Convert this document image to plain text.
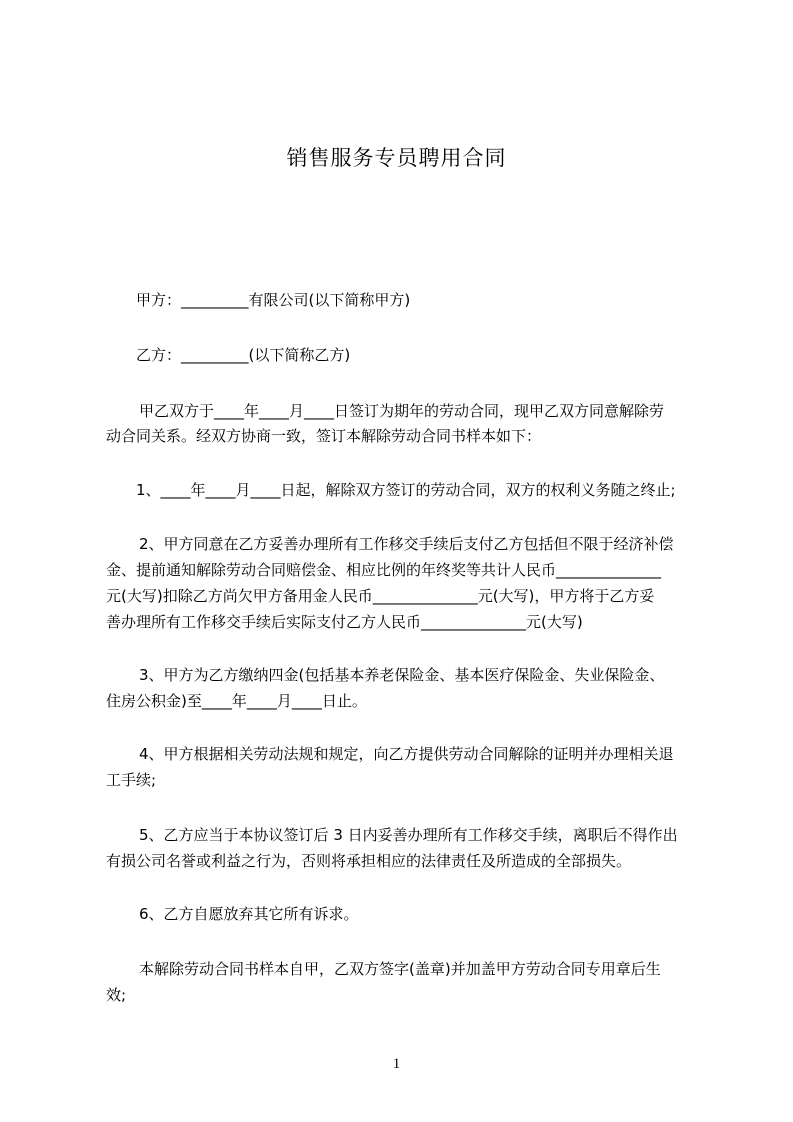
销售服务专员聘用合同
甲方：_________有限公司(以下简称甲方)
乙方：_________(以下简称乙方)
甲乙双方于____年____月____日签订为期年的劳动合同，现甲乙双方同意解除劳
动合同关系。经双方协商一致，签订本解除劳动合同书样本如下：
1、____年____月____日起，解除双方签订的劳动合同，双方的权利义务随之终止;
2、甲方同意在乙方妥善办理所有工作移交手续后支付乙方包括但不限于经济补偿
金、提前通知解除劳动合同赔偿金、相应比例的年终奖等共计人民币______________
元(大写)扣除乙方尚欠甲方备用金人民币______________元(大写)，甲方将于乙方妥
善办理所有工作移交手续后实际支付乙方人民币______________元(大写)
3、甲方为乙方缴纳四金(包括基本养老保险金、基本医疗保险金、失业保险金、
住房公积金)至____年____月____日止。
4、甲方根据相关劳动法规和规定，向乙方提供劳动合同解除的证明并办理相关退
工手续;
5、乙方应当于本协议签订后 3 日内妥善办理所有工作移交手续，离职后不得作出
有损公司名誉或利益之行为，否则将承担相应的法律责任及所造成的全部损失。
6、乙方自愿放弃其它所有诉求。
本解除劳动合同书样本自甲，乙双方签字(盖章)并加盖甲方劳动合同专用章后生
效;
1
